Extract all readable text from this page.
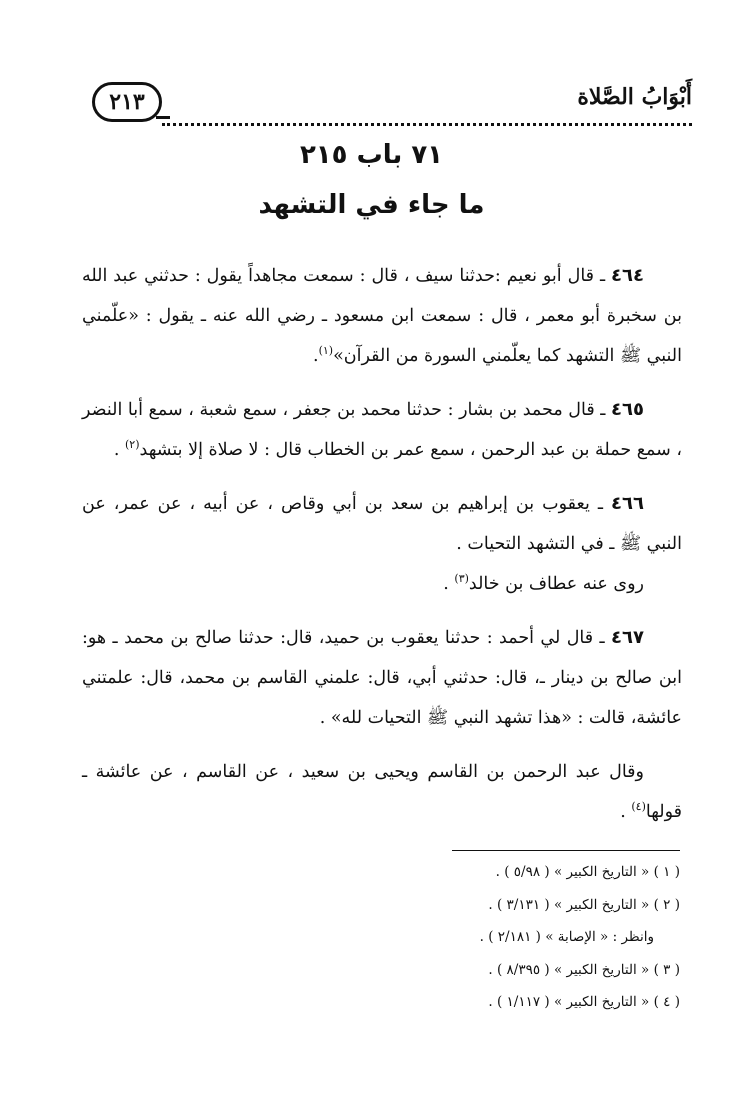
٢١٣	أَبْوَابُ الصَّلاة
٧١ باب ٢١٥
ما جاء في التشهد

٤٦٤ ـ قال أبو نعيم :حدثنا سيف ، قال : سمعت مجاهداً يقول : حدثني عبد الله بن سخبرة أبو معمر ، قال : سمعت ابن مسعود ـ رضي الله عنه ـ يقول : «علّمني النبي ﷺ التشهد كما يعلّمني السورة من القرآن»$^{(١)}$.

٤٦٥ ـ قال محمد بن بشار : حدثنا محمد بن جعفر ، سمع شعبة ، سمع أبا النضر ، سمع حملة بن عبد الرحمن ، سمع عمر بن الخطاب قال : لا صلاة إلا بتشهد$^{(٢)}$ .

٤٦٦ ـ يعقوب بن إبراهيم بن سعد بن أبي وقاص ، عن أبيه ، عن عمر، عن النبي ﷺ ـ في التشهد التحيات .

روى عنه عطاف بن خالد$^{(٣)}$ .

٤٦٧ ـ قال لي أحمد : حدثنا يعقوب بن حميد، قال: حدثنا صالح بن محمد ـ هو: ابن صالح بن دينار ـ، قال: حدثني أبي، قال: علمني القاسم بن محمد، قال: علمتني عائشة، قالت : «هذا تشهد النبي ﷺ التحيات لله» .

وقال عبد الرحمن بن القاسم ويحيى بن سعيد ، عن القاسم ، عن عائشة ـ قولها$^{(٤)}$ .

( ١ ) « التاريخ الكبير » ( ٥/٩٨ ) .
( ٢ ) « التاريخ الكبير » ( ٣/١٣١ ) .
وانظر : « الإصابة » ( ٢/١٨١ ) .
( ٣ ) « التاريخ الكبير » ( ٨/٣٩٥ ) .
( ٤ ) « التاريخ الكبير » ( ١/١١٧ ) .
